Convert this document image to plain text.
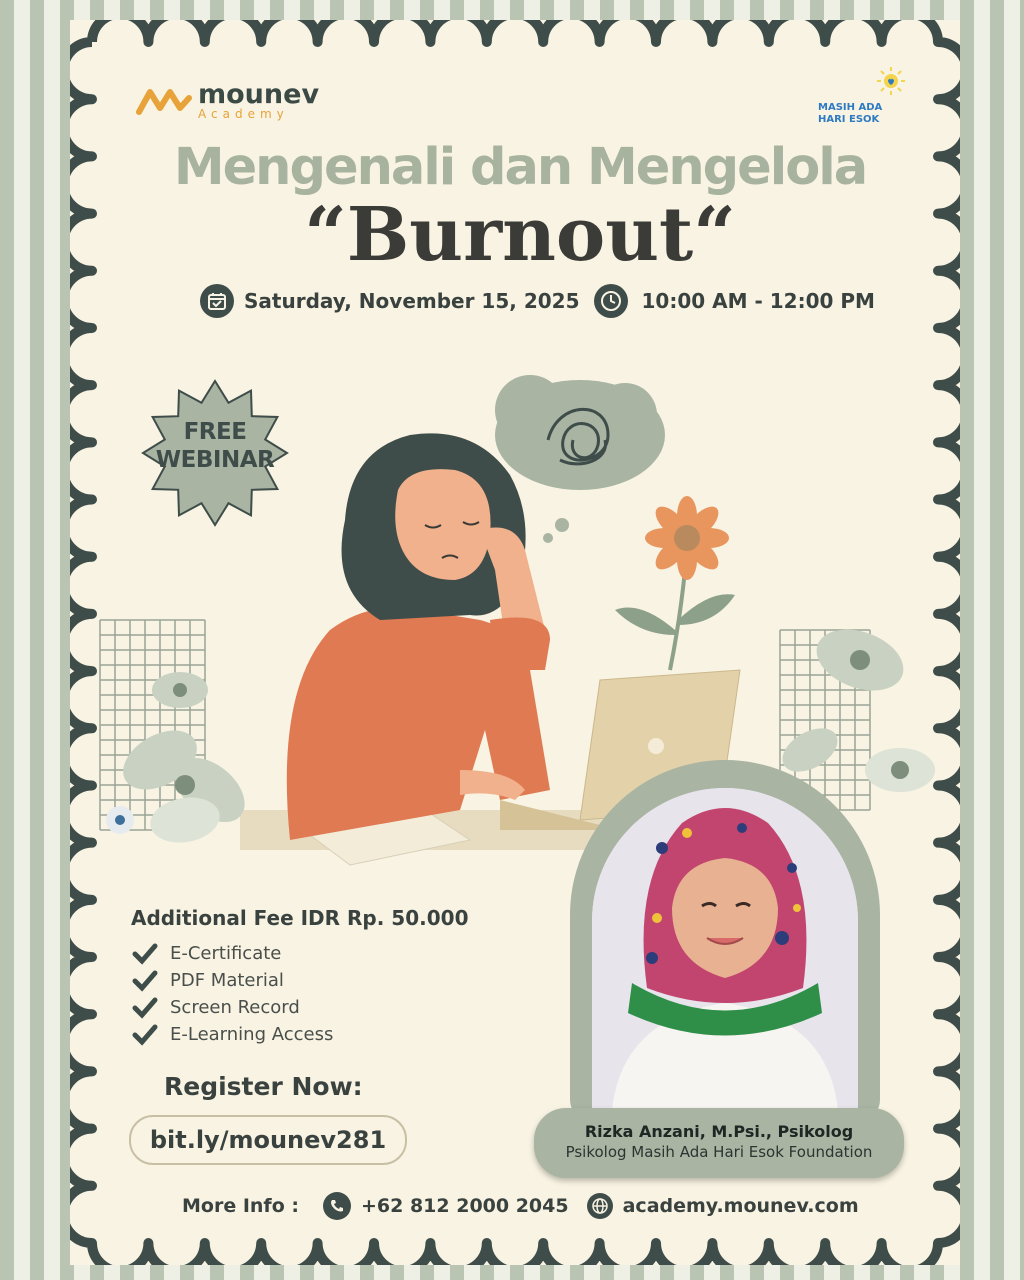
mounev
Academy	MASIH ADA
HARI ESOK
Mengenali dan Mengelola
“Burnout“
Saturday, November 15, 2025	10:00 AM - 12:00 PM
FREE
WEBINAR
Additional Fee IDR Rp. 50.000
E-Certificate
PDF Material
Screen Record
E-Learning Access
Register Now:
bit.ly/mounev281	Rizka Anzani, M.Psi., Psikolog
Psikolog Masih Ada Hari Esok Foundation
More Info :	+62 812 2000 2045	academy.mounev.com
